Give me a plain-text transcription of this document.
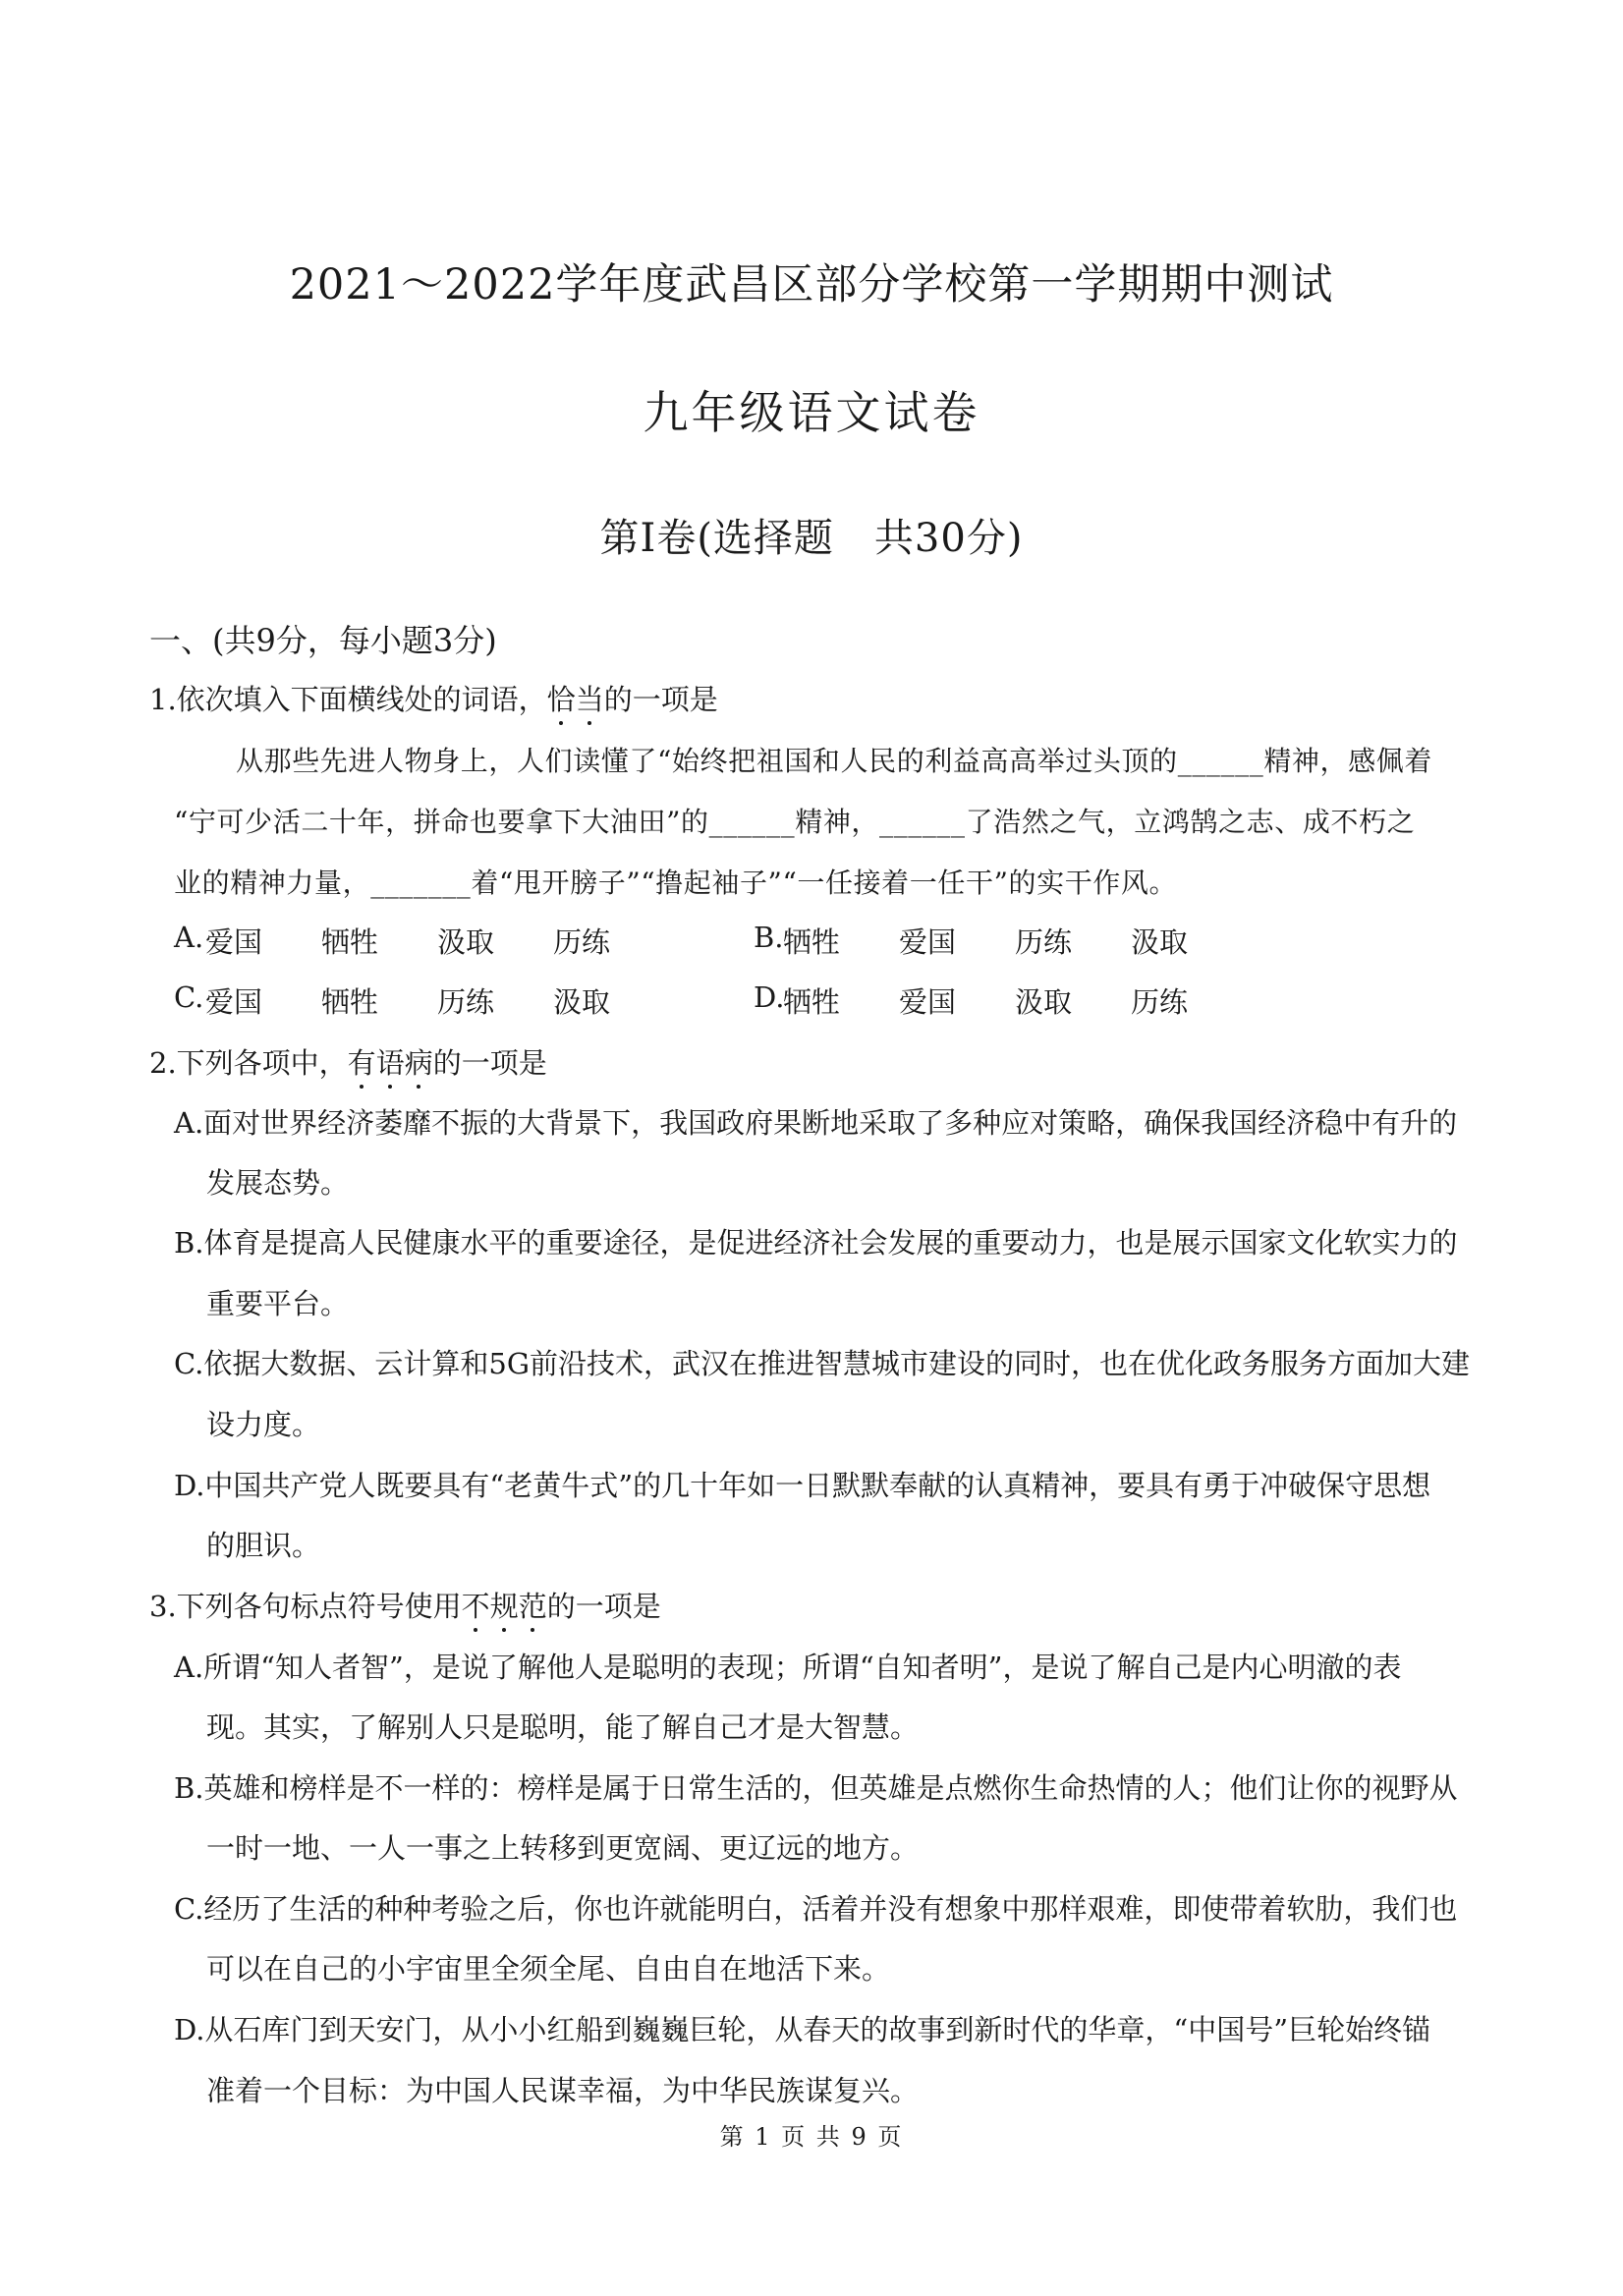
2021～2022学年度武昌区部分学校第一学期期中测试
九年级语文试卷
第Ⅰ卷(选择题　共30分)
一、(共9分，每小题3分)
1.依次填入下面横线处的词语，恰当的一项是
从那些先进人物身上，人们读懂了“始终把祖国和人民的利益高高举过头顶的______精神，感佩着
“宁可少活二十年，拼命也要拿下大油田”的______精神，______了浩然之气，立鸿鹄之志、成不朽之
业的精神力量，_______着“甩开膀子”“撸起袖子”“一任接着一任干”的实干作风。
A. 爱国 牺牲 汲取 历练	B. 牺牲 爱国 历练 汲取
C. 爱国 牺牲 历练 汲取	D.
牺牲 爱国 汲取 历练
2.下列各项中，有语病的一项是
A.面对世界经济萎靡不振的大背景下，我国政府果断地采取了多种应对策略，确保我国经济稳中有升的
发展态势。
B.体育是提高人民健康水平的重要途径，是促进经济社会发展的重要动力，也是展示国家文化软实力的
重要平台。
C.依据大数据、云计算和5G前沿技术，武汉在推进智慧城市建设的同时，也在优化政务服务方面加大建
设力度。
D.中国共产党人既要具有“老黄牛式”的几十年如一日默默奉献的认真精神，要具有勇于冲破保守思想
的胆识。
3.下列各句标点符号使用不规范的一项是
A.所谓“知人者智”，是说了解他人是聪明的表现；所谓“自知者明”，是说了解自己是内心明澈的表
现。其实，了解别人只是聪明，能了解自己才是大智慧。
B.英雄和榜样是不一样的：榜样是属于日常生活的，但英雄是点燃你生命热情的人；他们让你的视野从
一时一地、一人一事之上转移到更宽阔、更辽远的地方。
C.经历了生活的种种考验之后，你也许就能明白，活着并没有想象中那样艰难，即使带着软肋，我们也
可以在自己的小宇宙里全须全尾、自由自在地活下来。
D.从石库门到天安门，从小小红船到巍巍巨轮，从春天的故事到新时代的华章，“中国号”巨轮始终锚
准着一个目标：为中国人民谋幸福，为中华民族谋复兴。
第 1 页 共 9 页
